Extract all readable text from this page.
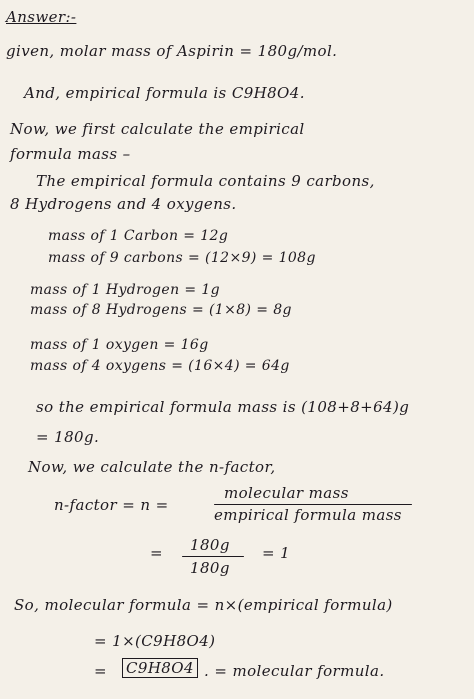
Answer:-
given, molar mass of Aspirin = 180g/mol.
And, empirical formula is C9H8O4.
Now, we first calculate the empirical
formula mass –
The empirical formula contains 9 carbons,
8 Hydrogens and 4 oxygens.
mass of 1 Carbon = 12g
mass of 9 carbons = (12×9) = 108g
mass of 1 Hydrogen = 1g
mass of 8 Hydrogens = (1×8) = 8g
mass of 1 oxygen = 16g
mass of 4 oxygens = (16×4) = 64g
so the empirical formula mass is (108+8+64)g
= 180g.
Now, we calculate the n-factor,
n-factor = n =
molecular mass
empirical formula mass
= 180g
180g
= 1
So, molecular formula = n×(empirical formula)
= 1×(C9H8O4)
= C9H8O4 . = molecular formula.
